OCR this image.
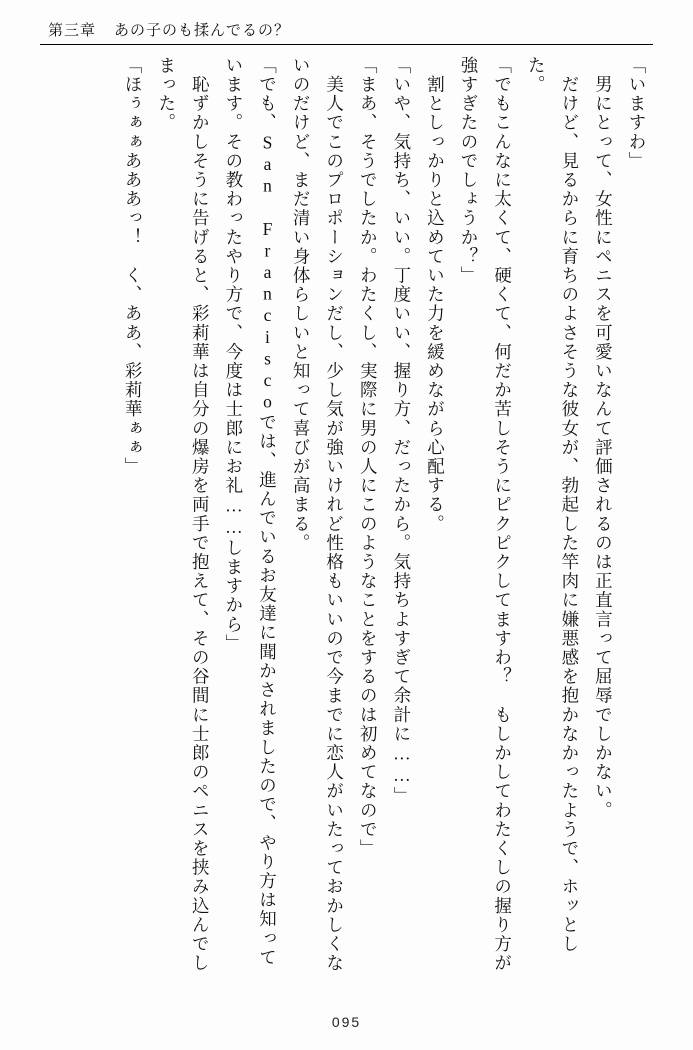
第三章 あの子のも揉んでるの？

「いますわ」

　男にとって、女性にペニスを可愛いなんて評価されるのは正直言って屈辱でしかない。

　だけど、見るからに育ちのよさそうな彼女が、勃起した竿肉に嫌悪感を抱かなかったようで、ホッとした。

「でもこんなに太くて、硬くて、何だか苦しそうにピクピクしてますわ？　もしかしてわたくしの握り方が強すぎたのでしょうか？」

　割としっかりと込めていた力を緩めながら心配する。

「いや、気持ち、いい。丁度いい、握り方、だったから。気持ちよすぎて余計に……」

「まあ、そうでしたか。わたくし、実際に男の人にこのようなことをするのは初めてなので」

　美人でこのプロポーションだし、少し気が強いけれど性格もいいので今までに恋人がいたっておかしくないのだけど、まだ清い身体らしいと知って喜びが高まる。

「でも、San Franciscoでは、進んでいるお友達に聞かされましたので、やり方は知っています。その教わったやり方で、今度は士郎にお礼……しますから」

　恥ずかしそうに告げると、彩莉華は自分の爆房を両手で抱えて、その谷間に士郎のペニスを挟み込んでしまった。

「ほぅぁぁあああっ！　く、ああ、彩莉華ぁぁ」

095
